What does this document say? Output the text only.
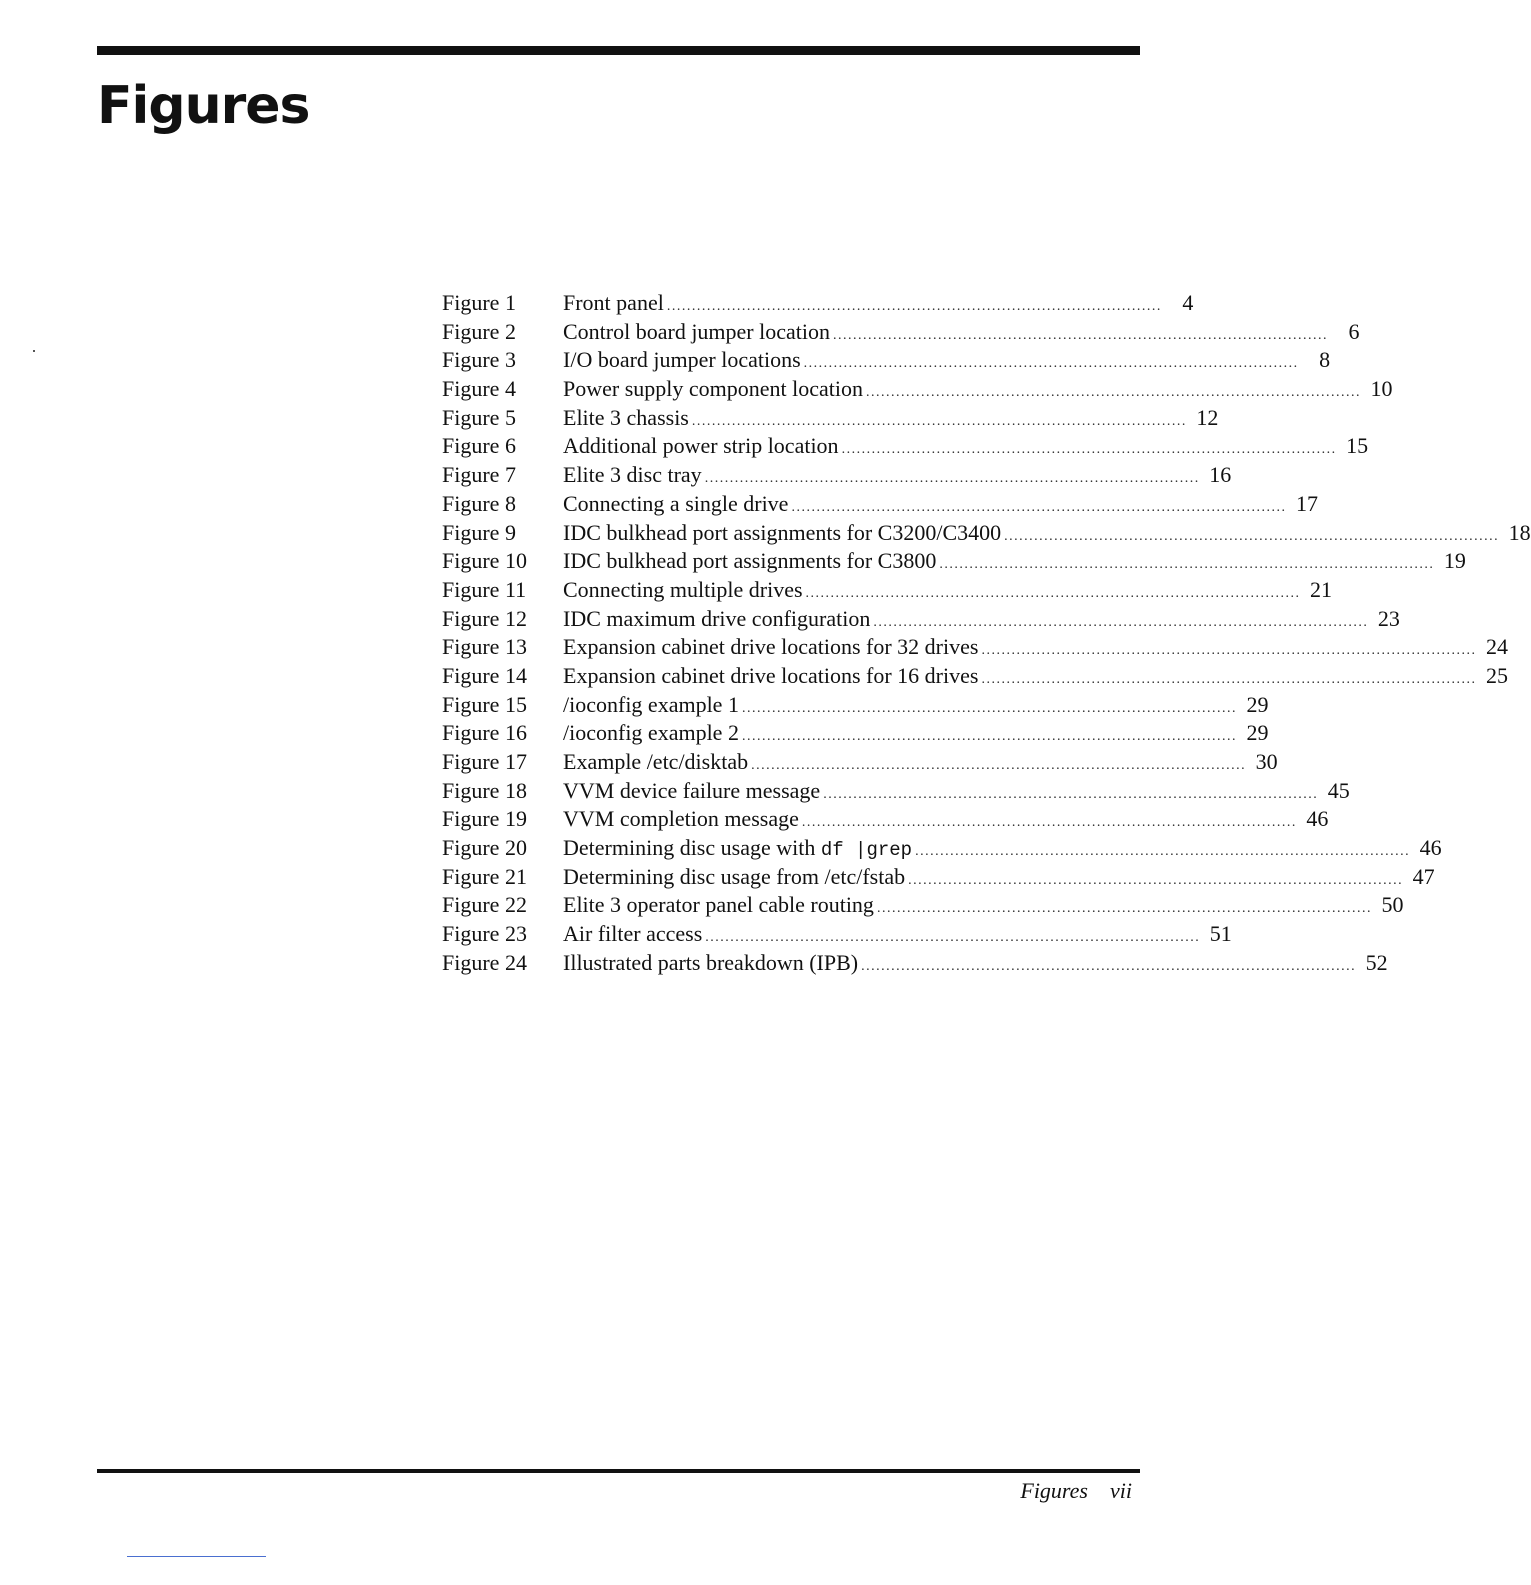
Figures
Figure 1	Front panel . . .	4
Figure 2	Control board jumper location . . .	6
Figure 3	I/O board jumper locations . . .	8
Figure 4	Power supply component location . . .	10
Figure 5	Elite 3 chassis . . .	12
Figure 6	Additional power strip location . . .	15
Figure 7	Elite 3 disc tray . . .	16
Figure 8	Connecting a single drive . . .	17
Figure 9	IDC bulkhead port assignments for C3200/C3400 . . .	18
Figure 10	IDC bulkhead port assignments for C3800 . . .	19
Figure 11	Connecting multiple drives . . .	21
Figure 12	IDC maximum drive configuration . . .	23
Figure 13	Expansion cabinet drive locations for 32 drives . . .	24
Figure 14	Expansion cabinet drive locations for 16 drives . . .	25
Figure 15	/ioconfig example 1 . . .	29
Figure 16	/ioconfig example 2 . . .	29
Figure 17	Example /etc/disktab . . .	30
Figure 18	VVM device failure message . . .	45
Figure 19	VVM completion message . . .	46
Figure 20	Determining disc usage with df |grep . . .	46
Figure 21	Determining disc usage from /etc/fstab . . .	47
Figure 22	Elite 3 operator panel cable routing . . .	50
Figure 23	Air filter access . . .	51
Figure 24	Illustrated parts breakdown (IPB) . . .	52
Figures vii
